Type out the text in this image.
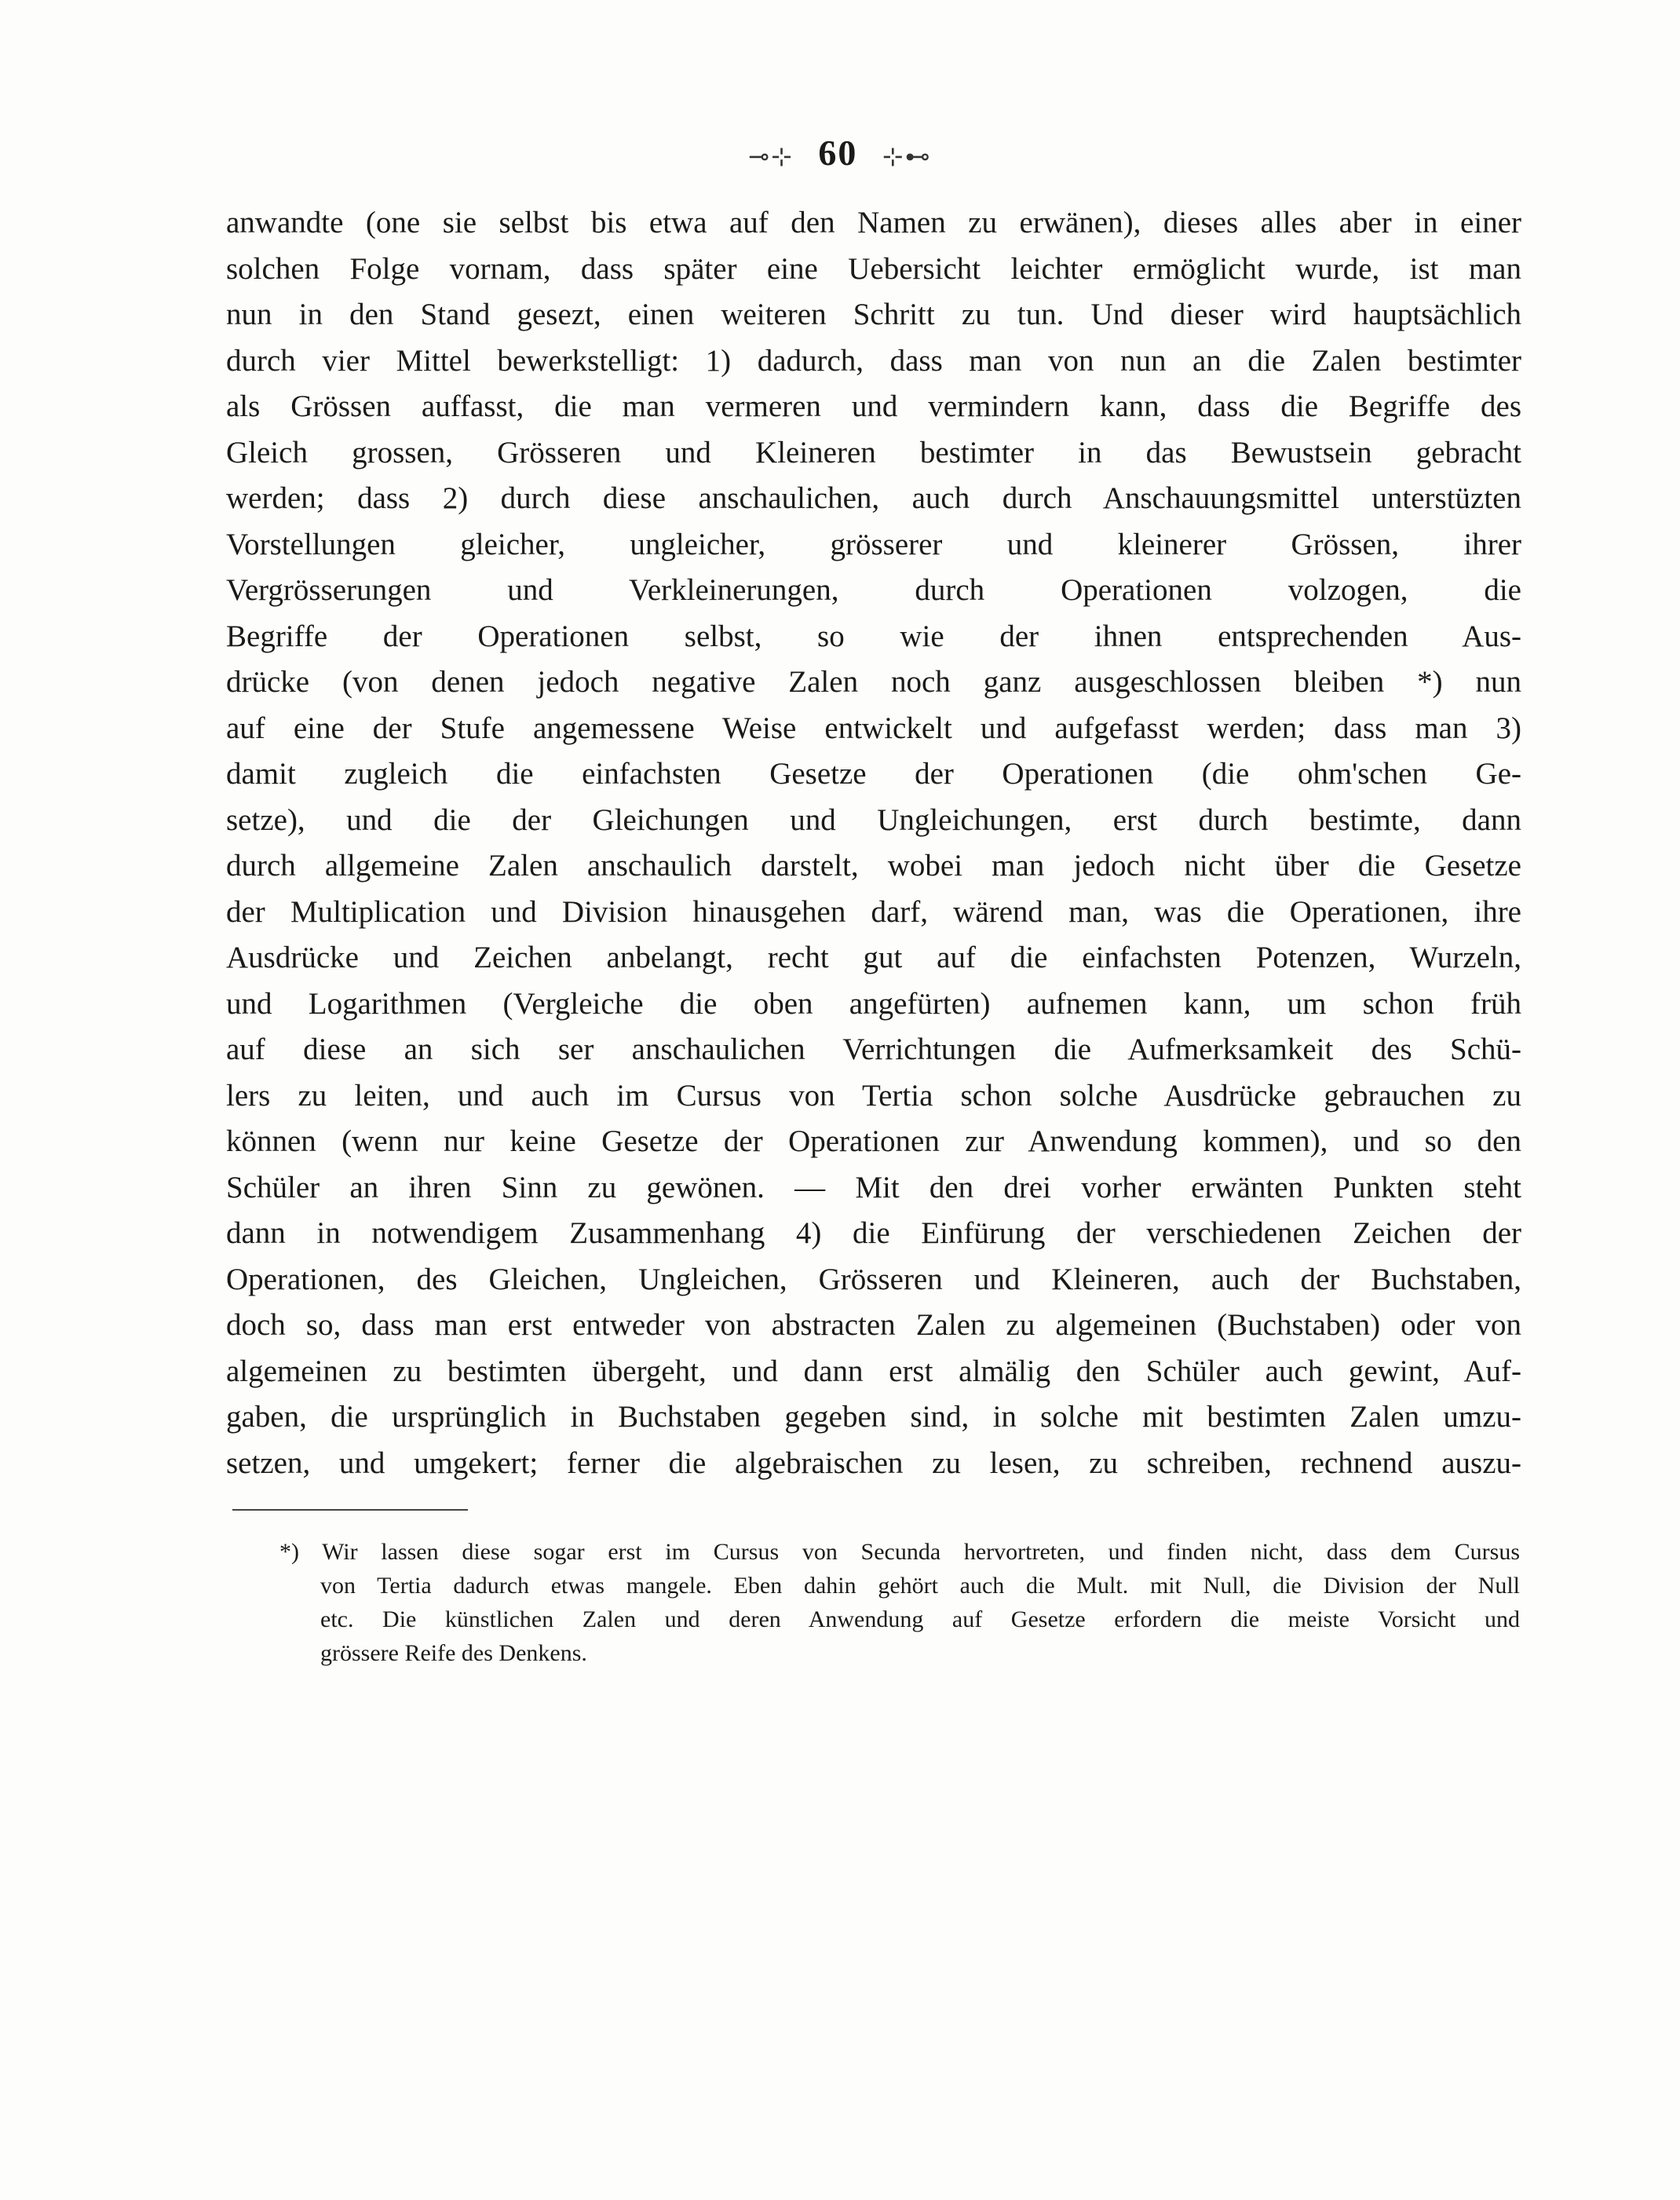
⊸⊹ 60 ⊹⊷
anwandte (one sie selbst bis etwa auf den Namen zu erwänen), dieses alles aber in einer
solchen Folge vornam, dass später eine Uebersicht leichter ermöglicht wurde, ist man
nun in den Stand gesezt, einen weiteren Schritt zu tun. Und dieser wird hauptsächlich
durch vier Mittel bewerkstelligt: 1) dadurch, dass man von nun an die Zalen bestimter
als Grössen auffasst, die man vermeren und vermindern kann, dass die Begriffe des
Gleich grossen, Grösseren und Kleineren bestimter in das Bewustsein gebracht
werden; dass 2) durch diese anschaulichen, auch durch Anschauungsmittel unterstüzten
Vorstellungen gleicher, ungleicher, grösserer und kleinerer Grössen, ihrer
Vergrösserungen und Verkleinerungen, durch Operationen volzogen, die
Begriffe der Operationen selbst, so wie der ihnen entsprechenden Aus-
drücke (von denen jedoch negative Zalen noch ganz ausgeschlossen bleiben *) nun
auf eine der Stufe angemessene Weise entwickelt und aufgefasst werden; dass man 3)
damit zugleich die einfachsten Gesetze der Operationen (die ohm'schen Ge-
setze), und die der Gleichungen und Ungleichungen, erst durch bestimte, dann
durch allgemeine Zalen anschaulich darstelt, wobei man jedoch nicht über die Gesetze
der Multiplication und Division hinausgehen darf, wärend man, was die Operationen, ihre
Ausdrücke und Zeichen anbelangt, recht gut auf die einfachsten Potenzen, Wurzeln,
und Logarithmen (Vergleiche die oben angefürten) aufnemen kann, um schon früh
auf diese an sich ser anschaulichen Verrichtungen die Aufmerksamkeit des Schü-
lers zu leiten, und auch im Cursus von Tertia schon solche Ausdrücke gebrauchen zu
können (wenn nur keine Gesetze der Operationen zur Anwendung kommen), und so den
Schüler an ihren Sinn zu gewönen. — Mit den drei vorher erwänten Punkten steht
dann in notwendigem Zusammenhang 4) die Einfürung der verschiedenen Zeichen der
Operationen, des Gleichen, Ungleichen, Grösseren und Kleineren, auch der Buchstaben,
doch so, dass man erst entweder von abstracten Zalen zu algemeinen (Buchstaben) oder von
algemeinen zu bestimten übergeht, und dann erst almälig den Schüler auch gewint, Auf-
gaben, die ursprünglich in Buchstaben gegeben sind, in solche mit bestimten Zalen umzu-
setzen, und umgekert; ferner die algebraischen zu lesen, zu schreiben, rechnend auszu-
*) Wir lassen diese sogar erst im Cursus von Secunda hervortreten, und finden nicht, dass dem Cursus
von Tertia dadurch etwas mangele. Eben dahin gehört auch die Mult. mit Null, die Division der Null
etc. Die künstlichen Zalen und deren Anwendung auf Gesetze erfordern die meiste Vorsicht und
grössere Reife des Denkens.
